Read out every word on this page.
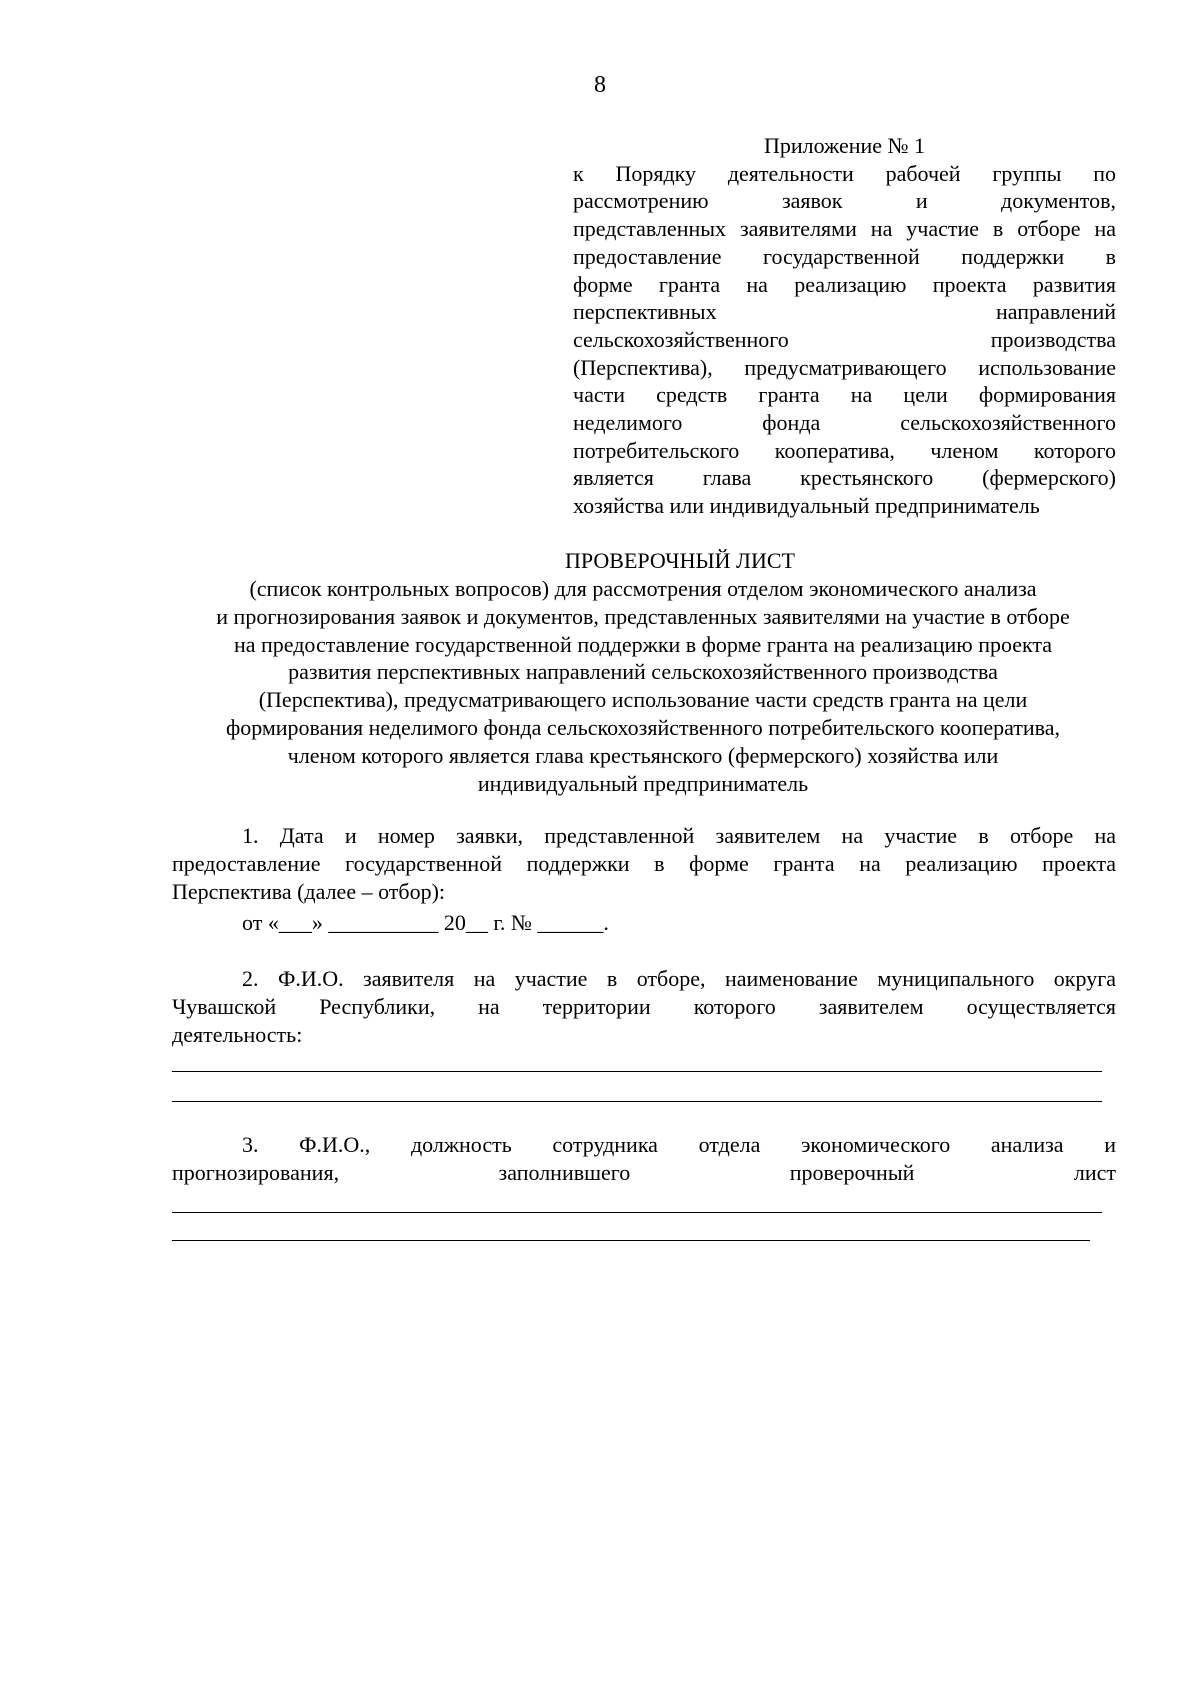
8
Приложение № 1
к Порядку деятельности рабочей группы по
рассмотрению заявок и документов,
представленных заявителями на участие в отборе на
предоставление государственной поддержки в
форме гранта на реализацию проекта развития
перспективных направлений
сельскохозяйственного производства
(Перспектива), предусматривающего использование
части средств гранта на цели формирования
неделимого фонда сельскохозяйственного
потребительского кооператива, членом которого
является глава крестьянского (фермерского)
хозяйства или индивидуальный предприниматель
ПРОВЕРОЧНЫЙ ЛИСТ
(список контрольных вопросов) для рассмотрения отделом экономического анализа
и прогнозирования заявок и документов, представленных заявителями на участие в отборе
на предоставление государственной поддержки в форме гранта на реализацию проекта
развития перспективных направлений сельскохозяйственного производства
(Перспектива), предусматривающего использование части средств гранта на цели
формирования неделимого фонда сельскохозяйственного потребительского кооператива,
членом которого является глава крестьянского (фермерского) хозяйства или
индивидуальный предприниматель
1. Дата и номер заявки, представленной заявителем на участие в отборе на
предоставление государственной поддержки в форме гранта на реализацию проекта
Перспектива (далее – отбор):
от «___» __________ 20__ г. № ______.
2. Ф.И.О. заявителя на участие в отборе, наименование муниципального округа
Чувашской Республики, на территории которого заявителем осуществляется
деятельность:
3. Ф.И.О., должность сотрудника отдела экономического анализа и
прогнозирования, заполнившего проверочный лист
